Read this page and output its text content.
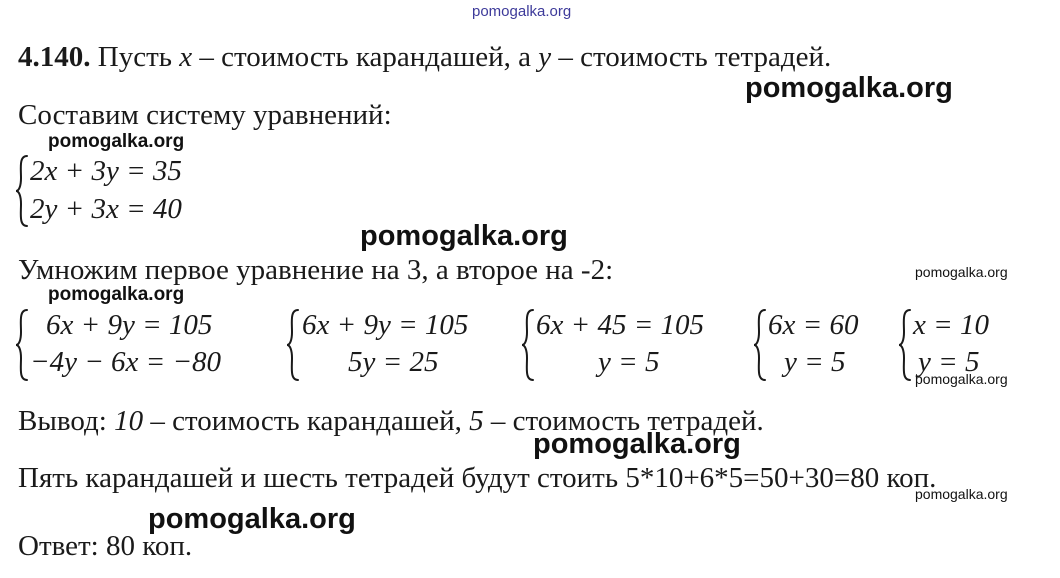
pomogalka.org
pomogalka.org
pomogalka.org
pomogalka.org
pomogalka.org
pomogalka.org
pomogalka.org
pomogalka.org
pomogalka.org
pomogalka.org
4.140. Пусть x – стоимость карандашей, а y – стоимость тетрадей.
Составим систему уравнений:
2x + 3y = 35
2y + 3x = 40
Умножим первое уравнение на 3, а второе на -2:
6x + 9y = 105
−4y − 6x = −80
6x + 9y = 105
5y = 25
6x + 45 = 105
y = 5
6x = 60
y = 5
x = 10
y = 5
Вывод: 10 – стоимость карандашей, 5 – стоимость тетрадей.
Пять карандашей и шесть тетрадей будут стоить 5*10+6*5=50+30=80 коп.
Ответ: 80 коп.
